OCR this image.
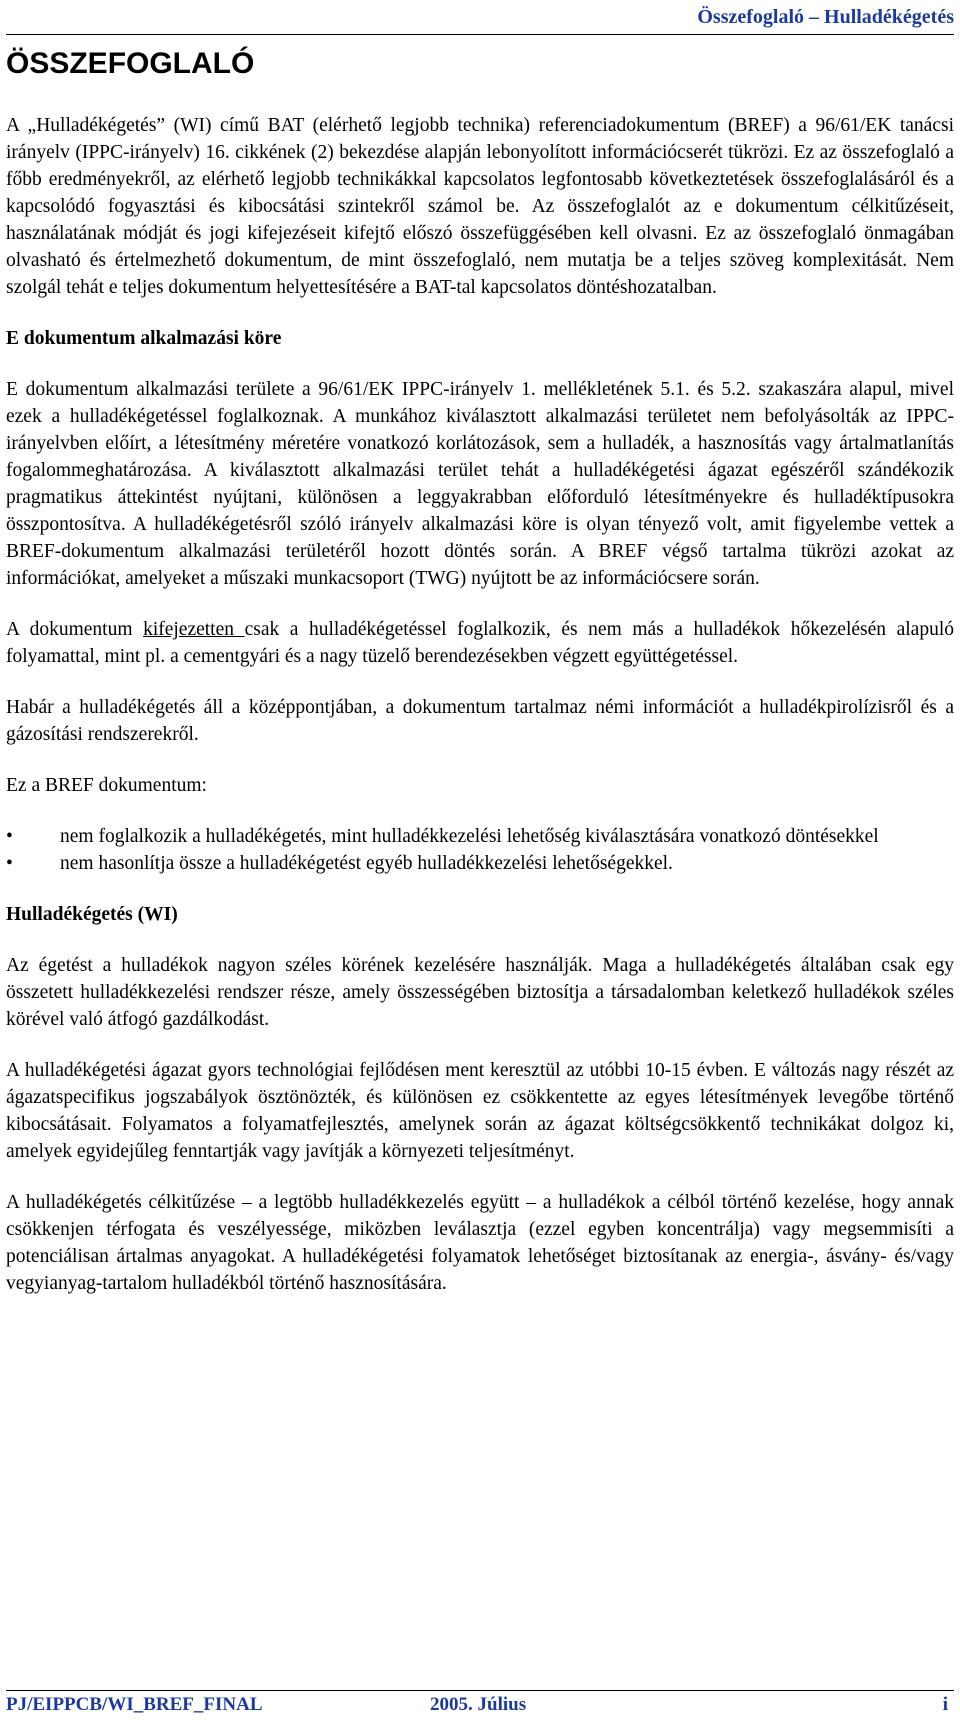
Összefoglaló – Hulladékégetés
ÖSSZEFOGLALÓ

A „Hulladékégetés” (WI) című BAT (elérhető legjobb technika) referenciadokumentum (BREF) a 96/61/EK tanácsi irányelv (IPPC-irányelv) 16. cikkének (2) bekezdése alapján lebonyolított információcserét tükrözi. Ez az összefoglaló a főbb eredményekről, az elérhető legjobb technikákkal kapcsolatos legfontosabb következtetések összefoglalásáról és a kapcsolódó fogyasztási és kibocsátási szintekről számol be. Az összefoglalót az e dokumentum célkitűzéseit, használatának módját és jogi kifejezéseit kifejtő előszó összefüggésében kell olvasni. Ez az összefoglaló önmagában olvasható és értelmezhető dokumentum, de mint összefoglaló, nem mutatja be a teljes szöveg komplexitását. Nem szolgál tehát e teljes dokumentum helyettesítésére a BAT-tal kapcsolatos döntéshozatalban.

E dokumentum alkalmazási köre

E dokumentum alkalmazási területe a 96/61/EK IPPC-irányelv 1. mellékletének 5.1. és 5.2. szakaszára alapul, mivel ezek a hulladékégetéssel foglalkoznak. A munkához kiválasztott alkalmazási területet nem befolyásolták az IPPC-irányelvben előírt, a létesítmény méretére vonatkozó korlátozások, sem a hulladék, a hasznosítás vagy ártalmatlanítás fogalommeghatározása. A kiválasztott alkalmazási terület tehát a hulladékégetési ágazat egészéről szándékozik pragmatikus áttekintést nyújtani, különösen a leggyakrabban előforduló létesítményekre és hulladéktípusokra összpontosítva. A hulladékégetésről szóló irányelv alkalmazási köre is olyan tényező volt, amit figyelembe vettek a BREF-dokumentum alkalmazási területéről hozott döntés során. A BREF végső tartalma tükrözi azokat az információkat, amelyeket a műszaki munkacsoport (TWG) nyújtott be az információcsere során.

A dokumentum kifejezetten csak a hulladékégetéssel foglalkozik, és nem más a hulladékok hőkezelésén alapuló folyamattal, mint pl. a cementgyári és a nagy tüzelő berendezésekben végzett együttégetéssel.

Habár a hulladékégetés áll a középpontjában, a dokumentum tartalmaz némi információt a hulladékpirolízisről és a gázosítási rendszerekről.

Ez a BREF dokumentum:

• nem foglalkozik a hulladékégetés, mint hulladékkezelési lehetőség kiválasztására vonatkozó döntésekkel
• nem hasonlítja össze a hulladékégetést egyéb hulladékkezelési lehetőségekkel.
Hulladékégetés (WI)

Az égetést a hulladékok nagyon széles körének kezelésére használják. Maga a hulladékégetés általában csak egy összetett hulladékkezelési rendszer része, amely összességében biztosítja a társadalomban keletkező hulladékok széles körével való átfogó gazdálkodást.

A hulladékégetési ágazat gyors technológiai fejlődésen ment keresztül az utóbbi 10-15 évben. E változás nagy részét az ágazatspecifikus jogszabályok ösztönözték, és különösen ez csökkentette az egyes létesítmények levegőbe történő kibocsátásait. Folyamatos a folyamatfejlesztés, amelynek során az ágazat költségcsökkentő technikákat dolgoz ki, amelyek egyidejűleg fenntartják vagy javítják a környezeti teljesítményt.

A hulladékégetés célkitűzése – a legtöbb hulladékkezelés együtt – a hulladékok a célból történő kezelése, hogy annak csökkenjen térfogata és veszélyessége, miközben leválasztja (ezzel egyben koncentrálja) vagy megsemmisíti a potenciálisan ártalmas anyagokat. A hulladékégetési folyamatok lehetőséget biztosítanak az energia-, ásvány- és/vagy vegyianyag-tartalom hulladékból történő hasznosítására.

PJ/EIPPCB/WI_BREF_FINAL	2005. Július	i
